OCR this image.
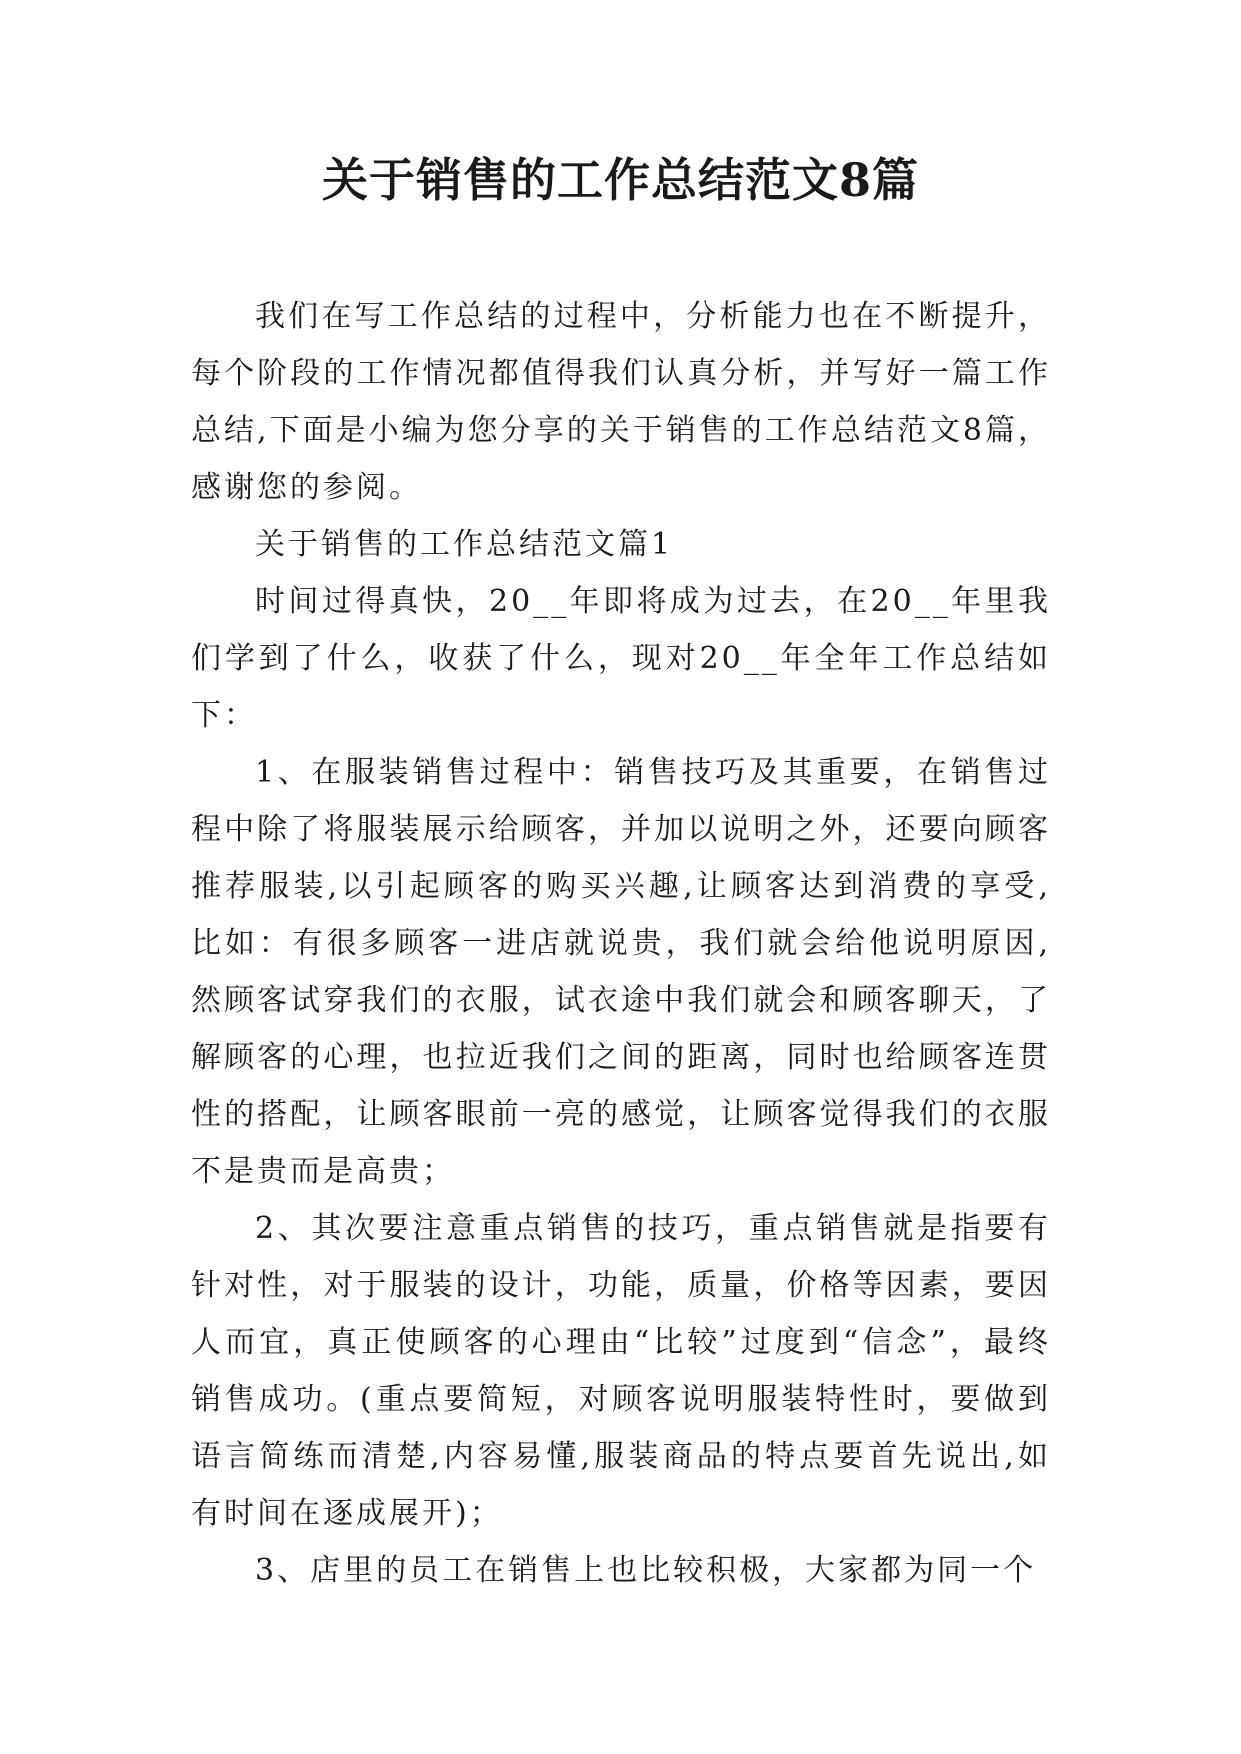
关于销售的工作总结范文8篇

我们在写工作总结的过程中，分析能力也在不断提升，每个阶段的工作情况都值得我们认真分析，并写好一篇工作总结,下面是小编为您分享的关于销售的工作总结范文8篇，感谢您的参阅。

关于销售的工作总结范文篇1

时间过得真快，20__年即将成为过去，在20__年里我们学到了什么，收获了什么，现对20__年全年工作总结如下：

1、在服装销售过程中：销售技巧及其重要，在销售过程中除了将服装展示给顾客，并加以说明之外，还要向顾客推荐服装,以引起顾客的购买兴趣,让顾客达到消费的享受,比如：有很多顾客一进店就说贵，我们就会给他说明原因,然顾客试穿我们的衣服，试衣途中我们就会和顾客聊天，了解顾客的心理，也拉近我们之间的距离，同时也给顾客连贯性的搭配，让顾客眼前一亮的感觉，让顾客觉得我们的衣服不是贵而是高贵；

2、其次要注意重点销售的技巧，重点销售就是指要有针对性，对于服装的设计，功能，质量，价格等因素，要因人而宜，真正使顾客的心理由“比较”过度到“信念”，最终销售成功。(重点要简短，对顾客说明服装特性时，要做到语言简练而清楚,内容易懂,服装商品的特点要首先说出,如有时间在逐成展开)；

3、店里的员工在销售上也比较积极，大家都为同一个
